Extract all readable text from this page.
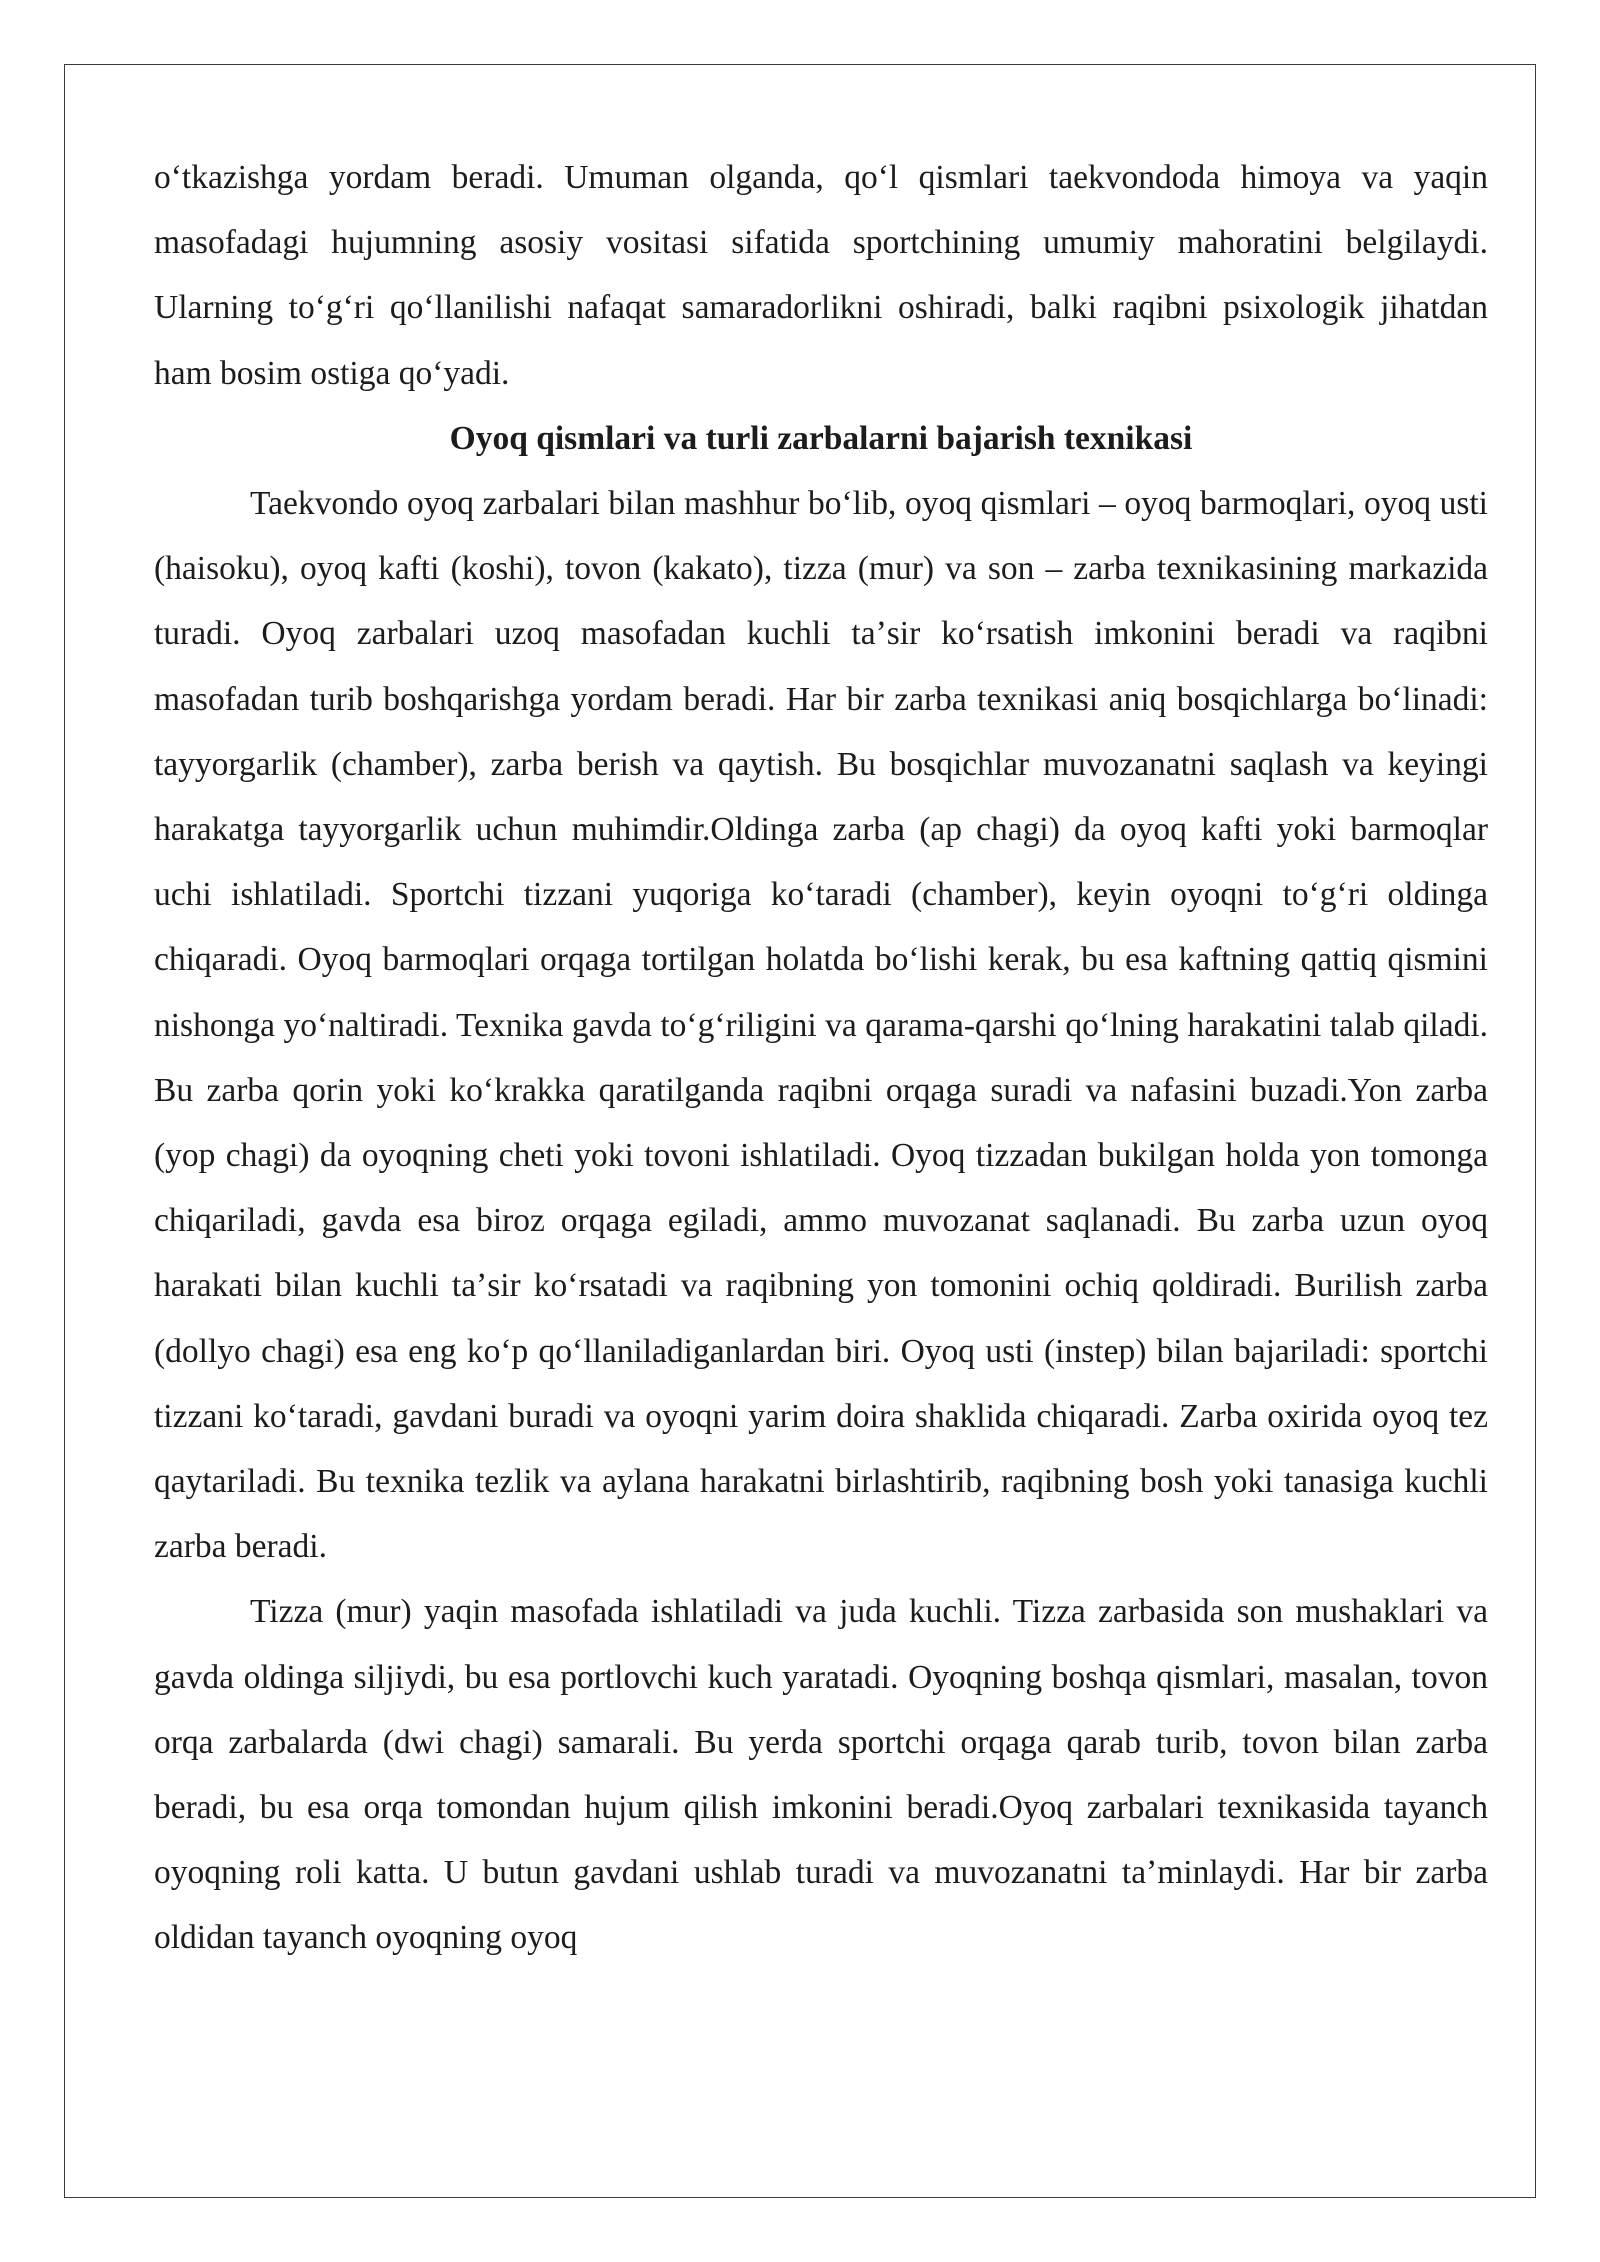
oʻtkazishga yordam beradi. Umuman olganda, qoʻl qismlari taekvondoda himoya va yaqin masofadagi hujumning asosiy vositasi sifatida sportchining umumiy mahoratini belgilaydi. Ularning toʻgʻri qoʻllanilishi nafaqat samaradorlikni oshiradi, balki raqibni psixologik jihatdan ham bosim ostiga qoʻyadi.

Oyoq qismlari va turli zarbalarni bajarish texnikasi

Taekvondo oyoq zarbalari bilan mashhur boʻlib, oyoq qismlari – oyoq barmoqlari, oyoq usti (haisoku), oyoq kafti (koshi), tovon (kakato), tizza (mur) va son – zarba texnikasining markazida turadi. Oyoq zarbalari uzoq masofadan kuchli taʼsir koʻrsatish imkonini beradi va raqibni masofadan turib boshqarishga yordam beradi. Har bir zarba texnikasi aniq bosqichlarga boʻlinadi: tayyorgarlik (chamber), zarba berish va qaytish. Bu bosqichlar muvozanatni saqlash va keyingi harakatga tayyorgarlik uchun muhimdir.Oldinga zarba (ap chagi) da oyoq kafti yoki barmoqlar uchi ishlatiladi. Sportchi tizzani yuqoriga koʻtaradi (chamber), keyin oyoqni toʻgʻri oldinga chiqaradi. Oyoq barmoqlari orqaga tortilgan holatda boʻlishi kerak, bu esa kaftning qattiq qismini nishonga yoʻnaltiradi. Texnika gavda toʻgʻriligini va qarama-qarshi qoʻlning harakatini talab qiladi. Bu zarba qorin yoki koʻkrakka qaratilganda raqibni orqaga suradi va nafasini buzadi.Yon zarba (yop chagi) da oyoqning cheti yoki tovoni ishlatiladi. Oyoq tizzadan bukilgan holda yon tomonga chiqariladi, gavda esa biroz orqaga egiladi, ammo muvozanat saqlanadi. Bu zarba uzun oyoq harakati bilan kuchli taʼsir koʻrsatadi va raqibning yon tomonini ochiq qoldiradi. Burilish zarba (dollyo chagi) esa eng koʻp qoʻllaniladiganlardan biri. Oyoq usti (instep) bilan bajariladi: sportchi tizzani koʻtaradi, gavdani buradi va oyoqni yarim doira shaklida chiqaradi. Zarba oxirida oyoq tez qaytariladi. Bu texnika tezlik va aylana harakatni birlashtirib, raqibning bosh yoki tanasiga kuchli zarba beradi.

Tizza (mur) yaqin masofada ishlatiladi va juda kuchli. Tizza zarbasida son mushaklari va gavda oldinga siljiydi, bu esa portlovchi kuch yaratadi. Oyoqning boshqa qismlari, masalan, tovon orqa zarbalarda (dwi chagi) samarali. Bu yerda sportchi orqaga qarab turib, tovon bilan zarba beradi, bu esa orqa tomondan hujum qilish imkonini beradi.Oyoq zarbalari texnikasida tayanch oyoqning roli katta. U butun gavdani ushlab turadi va muvozanatni taʼminlaydi. Har bir zarba oldidan tayanch oyoqning oyoq
